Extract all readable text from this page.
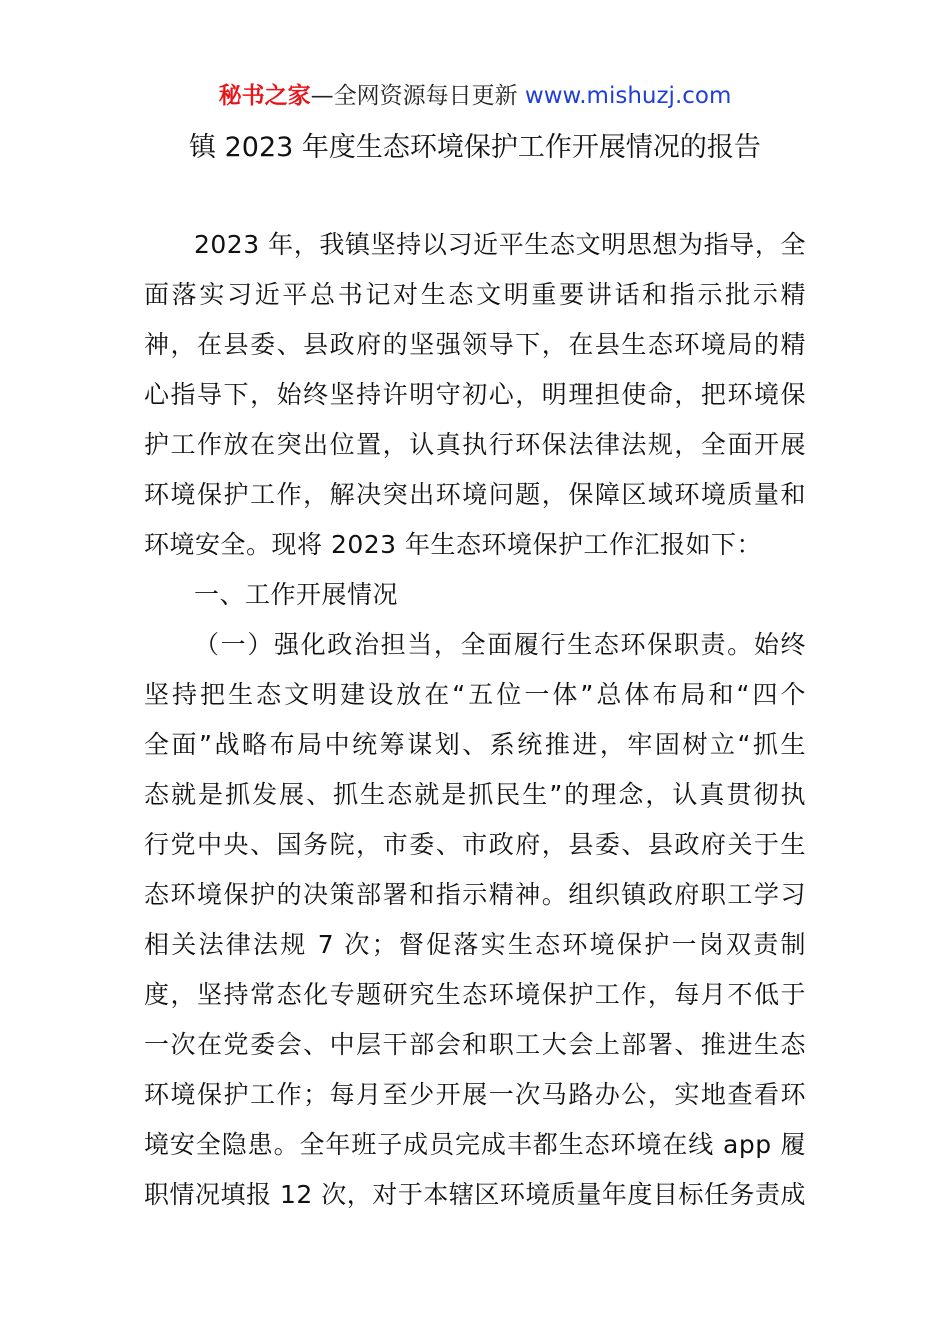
秘书之家—全网资源每日更新 www.mishuzj.com
镇 2023 年度生态环境保护工作开展情况的报告
2023 年，我镇坚持以习近平生态文明思想为指导，全
面落实习近平总书记对生态文明重要讲话和指示批示精
神，在县委、县政府的坚强领导下，在县生态环境局的精
心指导下，始终坚持许明守初心，明理担使命，把环境保
护工作放在突出位置，认真执行环保法律法规，全面开展
环境保护工作，解决突出环境问题，保障区域环境质量和
环境安全。现将 2023 年生态环境保护工作汇报如下：
一、工作开展情况
（一）强化政治担当，全面履行生态环保职责。始终
坚持把生态文明建设放在“五位一体”总体布局和“四个
全面”战略布局中统筹谋划、系统推进，牢固树立“抓生
态就是抓发展、抓生态就是抓民生”的理念，认真贯彻执
行党中央、国务院，市委、市政府，县委、县政府关于生
态环境保护的决策部署和指示精神。组织镇政府职工学习
相关法律法规 7 次；督促落实生态环境保护一岗双责制
度，坚持常态化专题研究生态环境保护工作，每月不低于
一次在党委会、中层干部会和职工大会上部署、推进生态
环境保护工作；每月至少开展一次马路办公，实地查看环
境安全隐患。全年班子成员完成丰都生态环境在线 app 履
职情况填报 12 次，对于本辖区环境质量年度目标任务责成
